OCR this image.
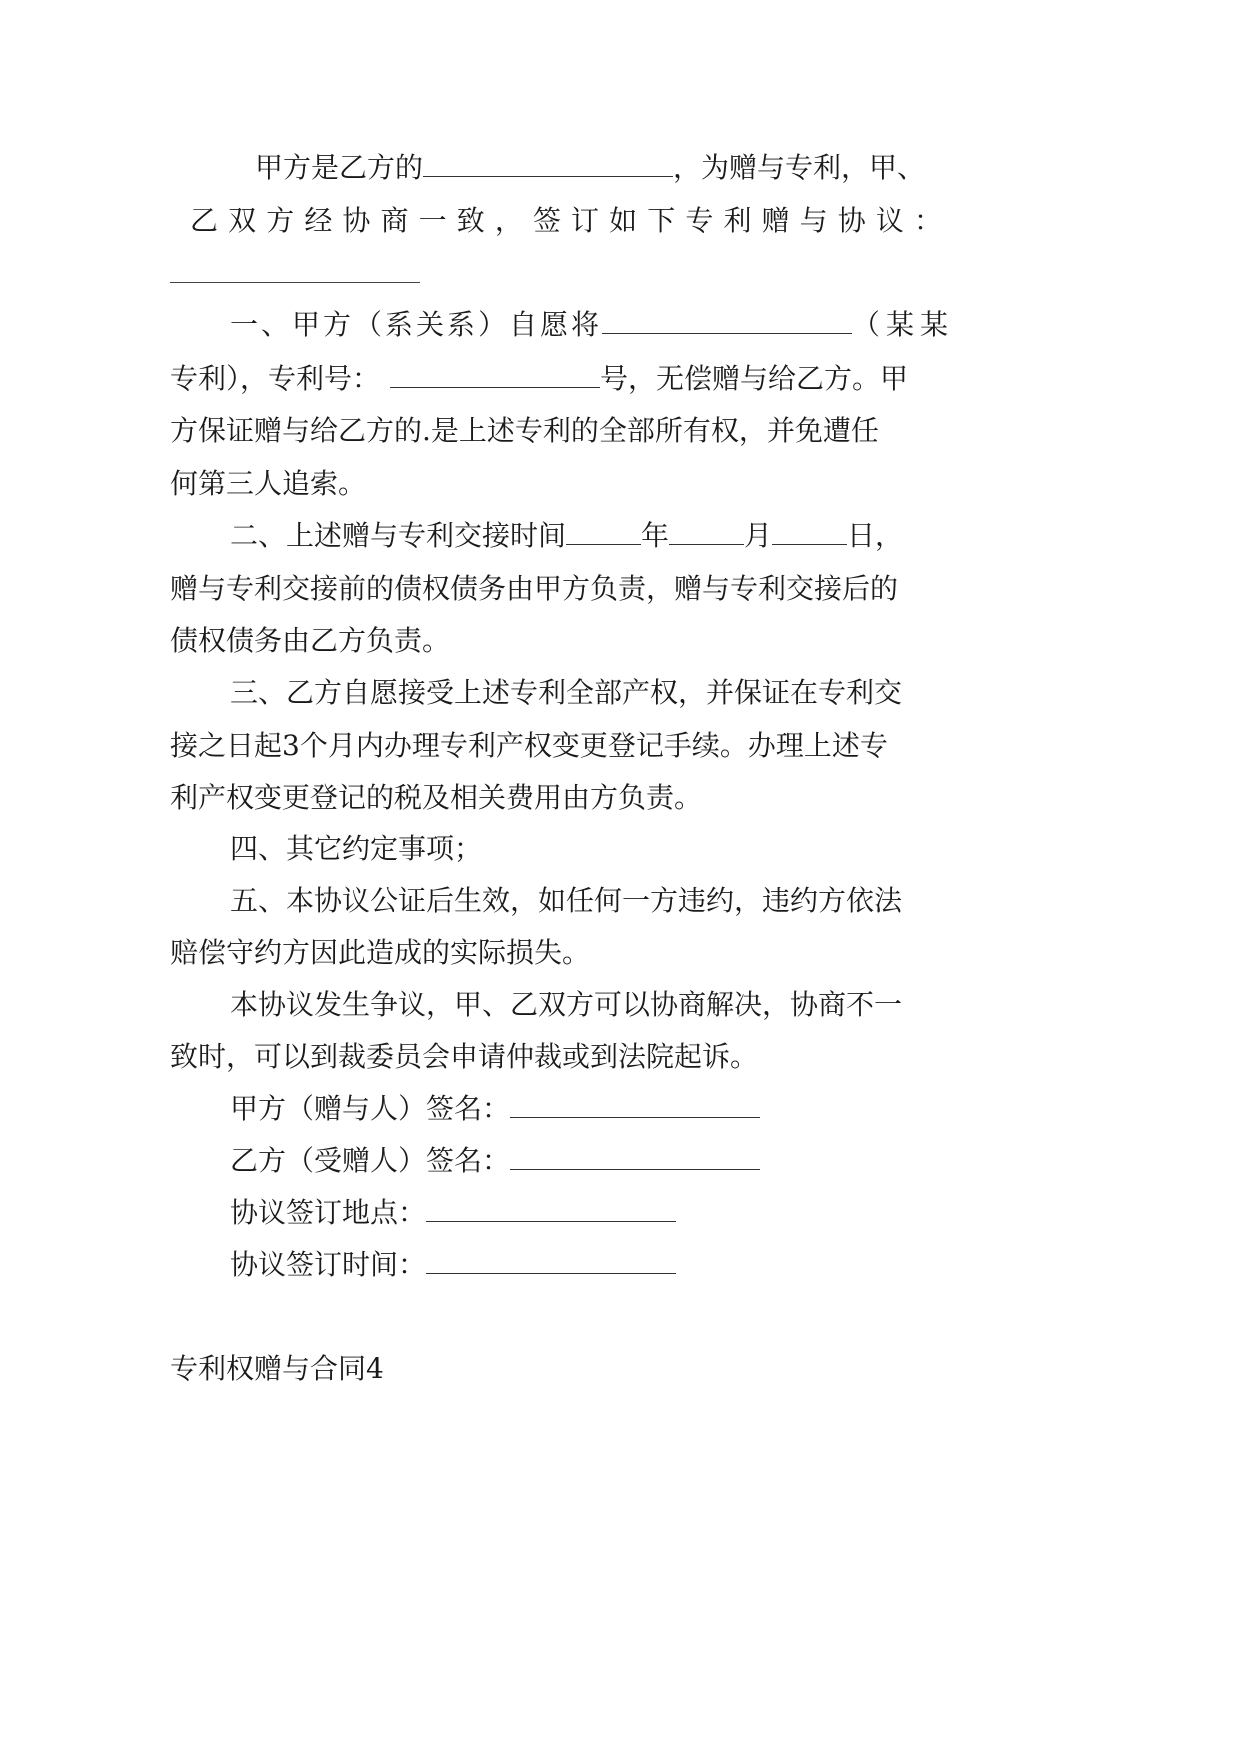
甲方是乙方的	，为赠与专利，甲、

乙双方经协商一致，签订如下专利赠与协议：

一、甲方（系关系）自愿将	（某某

专利），专利号：	号，无偿赠与给乙方。甲

方保证赠与给乙方的.是上述专利的全部所有权，并免遭任

何第三人追索。

二、上述赠与专利交接时间	年	月	日，

赠与专利交接前的债权债务由甲方负责，赠与专利交接后的

债权债务由乙方负责。

三、乙方自愿接受上述专利全部产权，并保证在专利交

接之日起3个月内办理专利产权变更登记手续。办理上述专

利产权变更登记的税及相关费用由方负责。

四、其它约定事项；

五、本协议公证后生效，如任何一方违约，违约方依法

赔偿守约方因此造成的实际损失。

本协议发生争议，甲、乙双方可以协商解决，协商不一

致时，可以到裁委员会申请仲裁或到法院起诉。

甲方（赠与人）签名：

乙方（受赠人）签名：

协议签订地点：

协议签订时间：

专利权赠与合同4
